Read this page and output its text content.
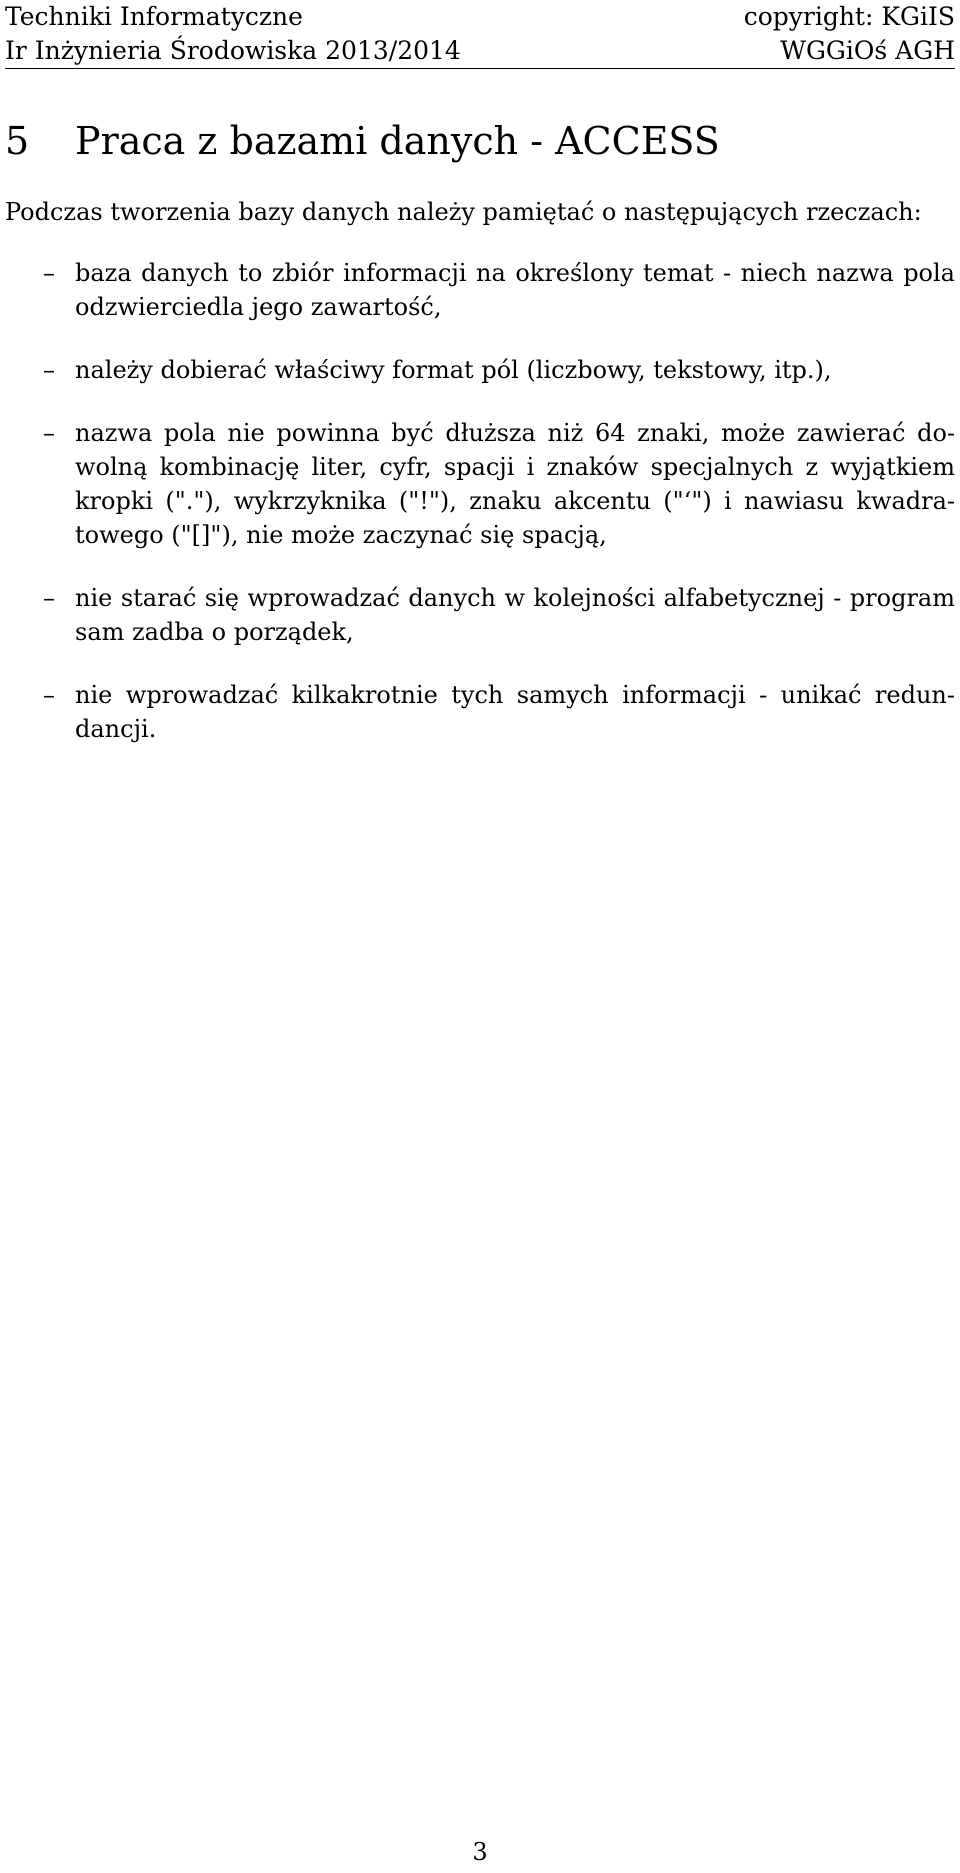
Techniki Informatyczne
Ir Inżynieria Środowiska 2013/2014
copyright: KGiIS
WGGiOś AGH
5 Praca z bazami danych - ACCESS
Podczas tworzenia bazy danych należy pamiętać o następujących rzeczach:
– baza danych to zbiór informacji na określony temat - niech nazwa pola odzwierciedla jego zawartość,
– należy dobierać właściwy format pól (liczbowy, tekstowy, itp.),
– nazwa pola nie powinna być dłuższa niż 64 znaki, może zawierać dowolną kombinację liter, cyfr, spacji i znaków specjalnych z wyjątkiem kropki ("."), wykrzyknika ("!"), znaku akcentu ("‘") i nawiasu kwadratowego ("[]"), nie może zaczynać się spacją,
– nie starać się wprowadzać danych w kolejności alfabetycznej - program sam zadba o porządek,
– nie wprowadzać kilkakrotnie tych samych informacji - unikać redundancji.
3
